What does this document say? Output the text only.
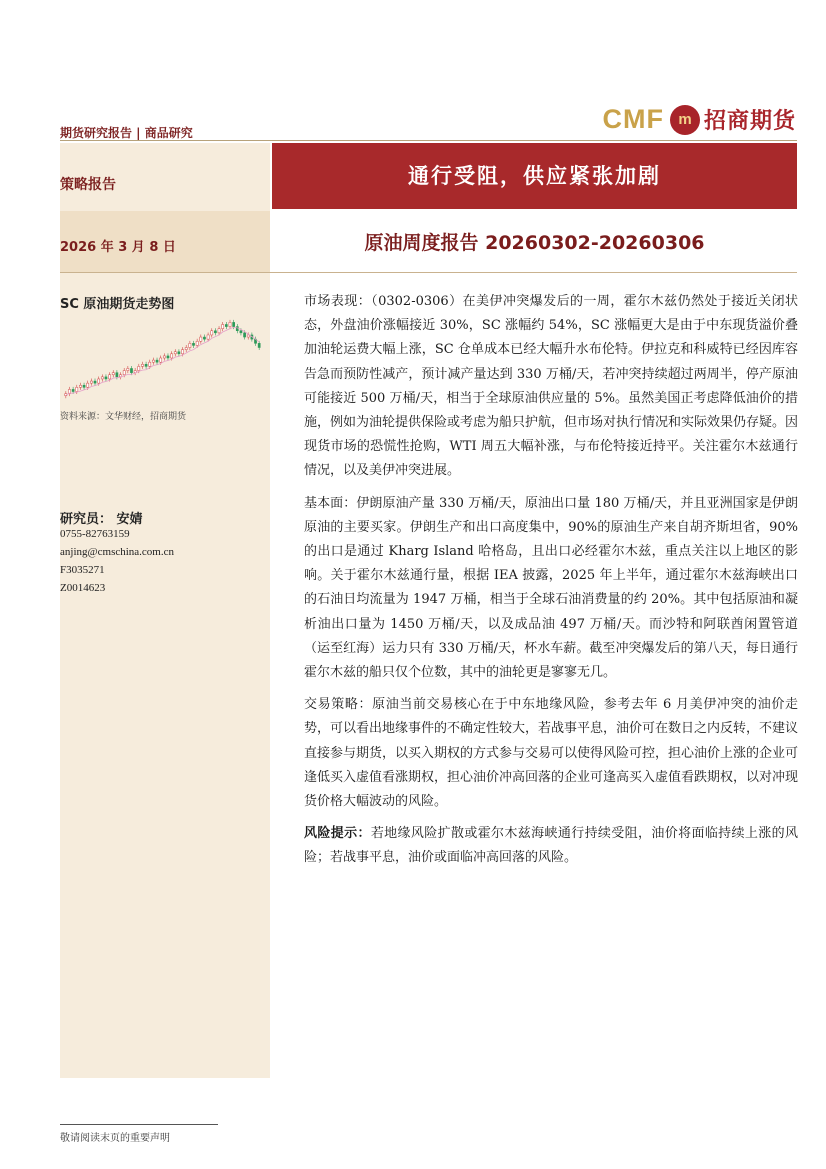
期货研究报告 | 商品研究	CMF m 招商期货
通行受阻，供应紧张加剧
策略报告
2026 年 3 月 8 日	原油周度报告 20260302-20260306
SC 原油期货走势图
资料来源：文华财经，招商期货
研究员： 安婧
0755-82763159
anjing@cmschina.com.cn
F3035271
Z0014623

市场表现：（0302-0306）在美伊冲突爆发后的一周，霍尔木兹仍然处于接近关闭状态，外盘油价涨幅接近 30%，SC 涨幅约 54%，SC 涨幅更大是由于中东现货溢价叠加油轮运费大幅上涨，SC 仓单成本已经大幅升水布伦特。伊拉克和科威特已经因库容告急而预防性减产，预计减产量达到 330 万桶/天，若冲突持续超过两周半，停产原油可能接近 500 万桶/天，相当于全球原油供应量的 5%。虽然美国正考虑降低油价的措施，例如为油轮提供保险或考虑为船只护航，但市场对执行情况和实际效果仍存疑。因现货市场的恐慌性抢购，WTI 周五大幅补涨，与布伦特接近持平。关注霍尔木兹通行情况，以及美伊冲突进展。

基本面：伊朗原油产量 330 万桶/天，原油出口量 180 万桶/天，并且亚洲国家是伊朗原油的主要买家。伊朗生产和出口高度集中，90%的原油生产来自胡齐斯坦省，90%的出口是通过 Kharg Island 哈格岛，且出口必经霍尔木兹，重点关注以上地区的影响。关于霍尔木兹通行量，根据 IEA 披露，2025 年上半年，通过霍尔木兹海峡出口的石油日均流量为 1947 万桶，相当于全球石油消费量的约 20%。其中包括原油和凝析油出口量为 1450 万桶/天，以及成品油 497 万桶/天。而沙特和阿联酋闲置管道（运至红海）运力只有 330 万桶/天，杯水车薪。截至冲突爆发后的第八天，每日通行霍尔木兹的船只仅个位数，其中的油轮更是寥寥无几。

交易策略：原油当前交易核心在于中东地缘风险，参考去年 6 月美伊冲突的油价走势，可以看出地缘事件的不确定性较大，若战事平息，油价可在数日之内反转，不建议直接参与期货，以买入期权的方式参与交易可以使得风险可控，担心油价上涨的企业可逢低买入虚值看涨期权，担心油价冲高回落的企业可逢高买入虚值看跌期权，以对冲现货价格大幅波动的风险。

风险提示：若地缘风险扩散或霍尔木兹海峡通行持续受阻，油价将面临持续上涨的风险；若战事平息，油价或面临冲高回落的风险。

敬请阅读末页的重要声明
